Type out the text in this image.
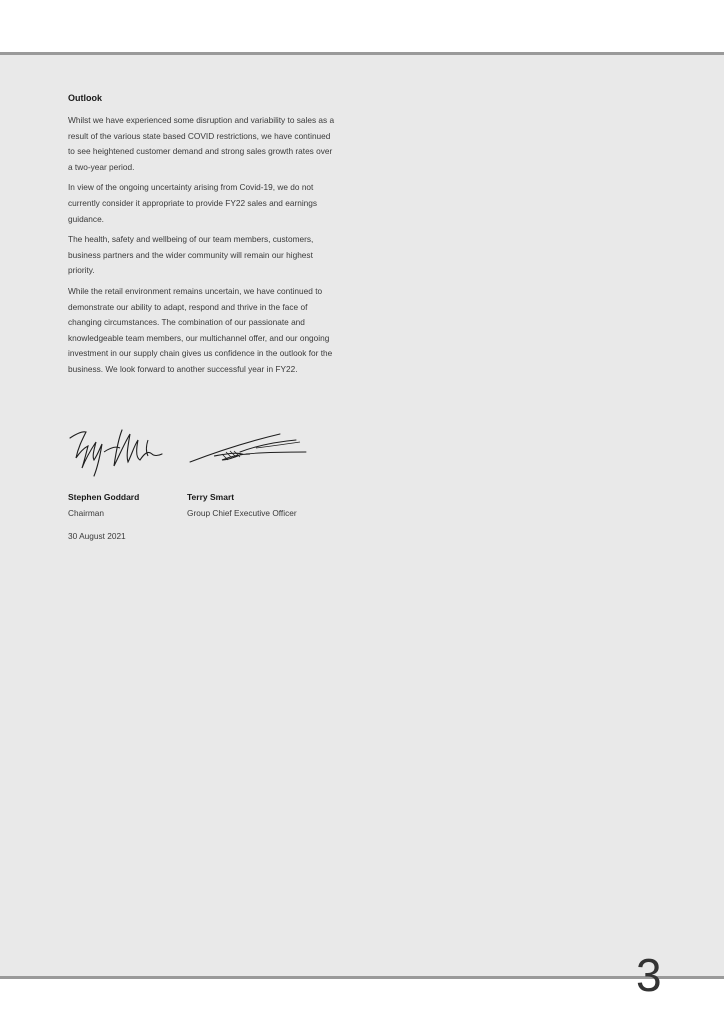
Outlook

Whilst we have experienced some disruption and variability to sales as a result of the various state based COVID restrictions, we have continued to see heightened customer demand and strong sales growth rates over a two-year period.

In view of the ongoing uncertainty arising from Covid-19, we do not currently consider it appropriate to provide FY22 sales and earnings guidance.

The health, safety and wellbeing of our team members, customers, business partners and the wider community will remain our highest priority.

While the retail environment remains uncertain, we have continued to demonstrate our ability to adapt, respond and thrive in the face of changing circumstances. The combination of our passionate and knowledgeable team members, our multichannel offer, and our ongoing investment in our supply chain gives us confidence in the outlook for the business. We look forward to another successful year in FY22.

Stephen Goddard
Chairman
Terry Smart
Group Chief Executive Officer
30 August 2021
3
